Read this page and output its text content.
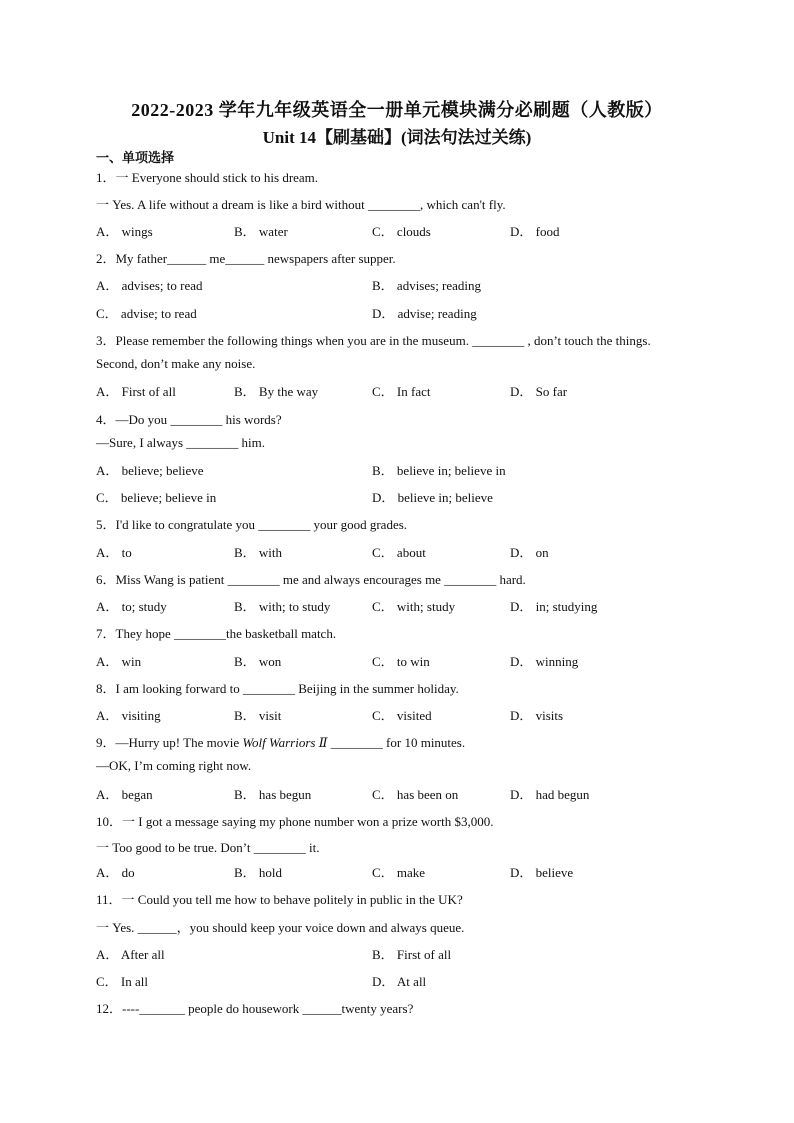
2022-2023 学年九年级英语全一册单元模块满分必刷题（人教版）
Unit 14【刷基础】(词法句法过关练)
一、单项选择
1．一 Everyone should stick to his dream.
一 Yes. A life without a dream is like a bird without ________, which can't fly.
A． wings	B． water	C． clouds	D． food
2．My father______ me______ newspapers after supper.
A． advises; to read	B． advises; reading
C． advise; to read	D． advise; reading
3．Please remember the following things when you are in the museum. ________ , don’t touch the things.
Second, don’t make any noise.
A． First of all	B． By the way	C． In fact	D． So far
4．—Do you ________ his words?
—Sure, I always ________ him.
A． believe; believe	B． believe in; believe in
C． believe; believe in	D． believe in; believe
5．I'd like to congratulate you ________ your good grades.
A． to	B． with	C． about	D． on
6．Miss Wang is patient ________ me and always encourages me ________ hard.
A． to; study	B． with; to study	C． with; study	D． in; studying
7．They hope ________the basketball match.
A． win	B． won	C． to win	D． winning
8．I am looking forward to ________ Beijing in the summer holiday.
A． visiting	B． visit	C． visited	D． visits
9．—Hurry up! The movie Wolf Warriors Ⅱ ________ for 10 minutes.
—OK, I’m coming right now.
A． began	B． has begun	C． has been on	D． had begun
10．一 I got a message saying my phone number won a prize worth $3,000.
一 Too good to be true. Don’t ________ it.
A． do	B． hold	C． make	D． believe
11．一 Could you tell me how to behave politely in public in the UK?
一 Yes. ______，you should keep your voice down and always queue.
A． After all	B． First of all
C． In all	D． At all
12．----_______ people do housework ______twenty years?
